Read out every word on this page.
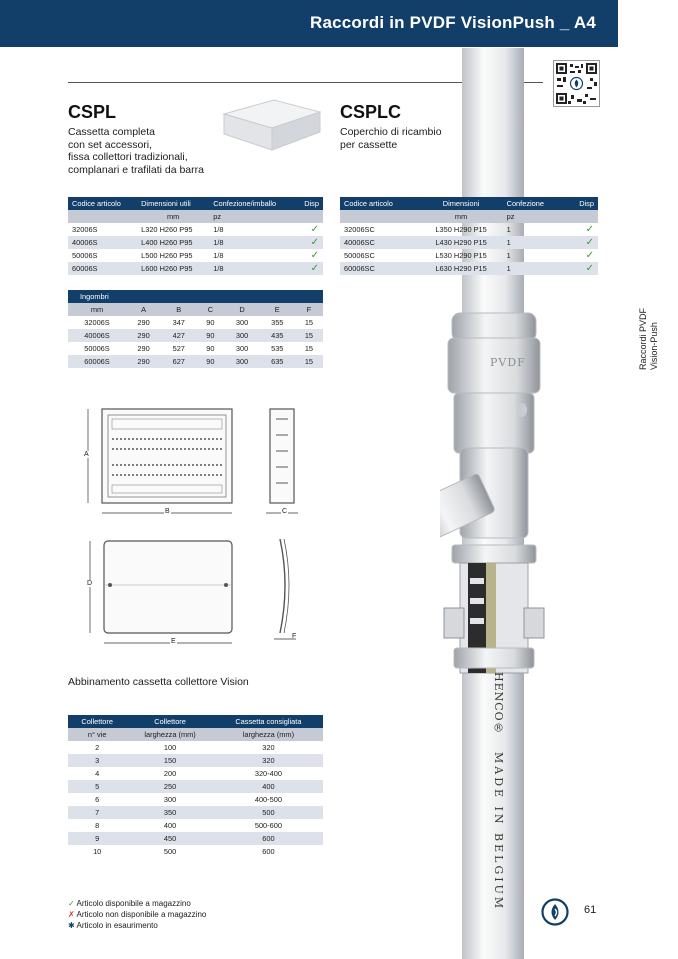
Raccordi in PVDF VisionPush _ A4
PVDF
HENCO®
MADE IN BELGIUM
Raccordi PVDF Vision-Push
CSPL
Cassetta completa
con set accessori,
fissa collettori tradizionali,
complanari e trafilati da barra
Codice articolo	Dimensioni utili	Confezione/imballo	Disp
	mm	pz	
32006S	L320 H260 P95	1/8	✓
40006S	L400 H260 P95	1/8	✓
50006S	L500 H260 P95	1/8	✓
60006S	L600 H260 P95	1/8	✓
CSPLC
Coperchio di ricambio
per cassette
Codice articolo	Dimensioni	Confezione	Disp
	mm	pz	
32006SC	L350 H290 P15	1	✓
40006SC	L430 H290 P15	1	✓
50006SC	L530 H290 P15	1	✓
60006SC	L630 H290 P15	1	✓
Ingombri						
mm	A	B	C	D	E	F
32006S	290	347	90	300	355	15
40006S	290	427	90	300	435	15
50006S	290	527	90	300	535	15
60006S	290	627	90	300	635	15
A
B	C
D
E
F
Abbinamento cassetta collettore Vision
Collettore	Collettore	Cassetta consigliata
n° vie	larghezza (mm)	larghezza (mm)
2	100	320
3	150	320
4	200	320-400
5	250	400
6	300	400-500
7	350	500
8	400	500-600
9	450	600
10	500	600
✓ Articolo disponibile a magazzino
✗ Articolo non disponibile a magazzino
✱ Articolo in esaurimento
61
